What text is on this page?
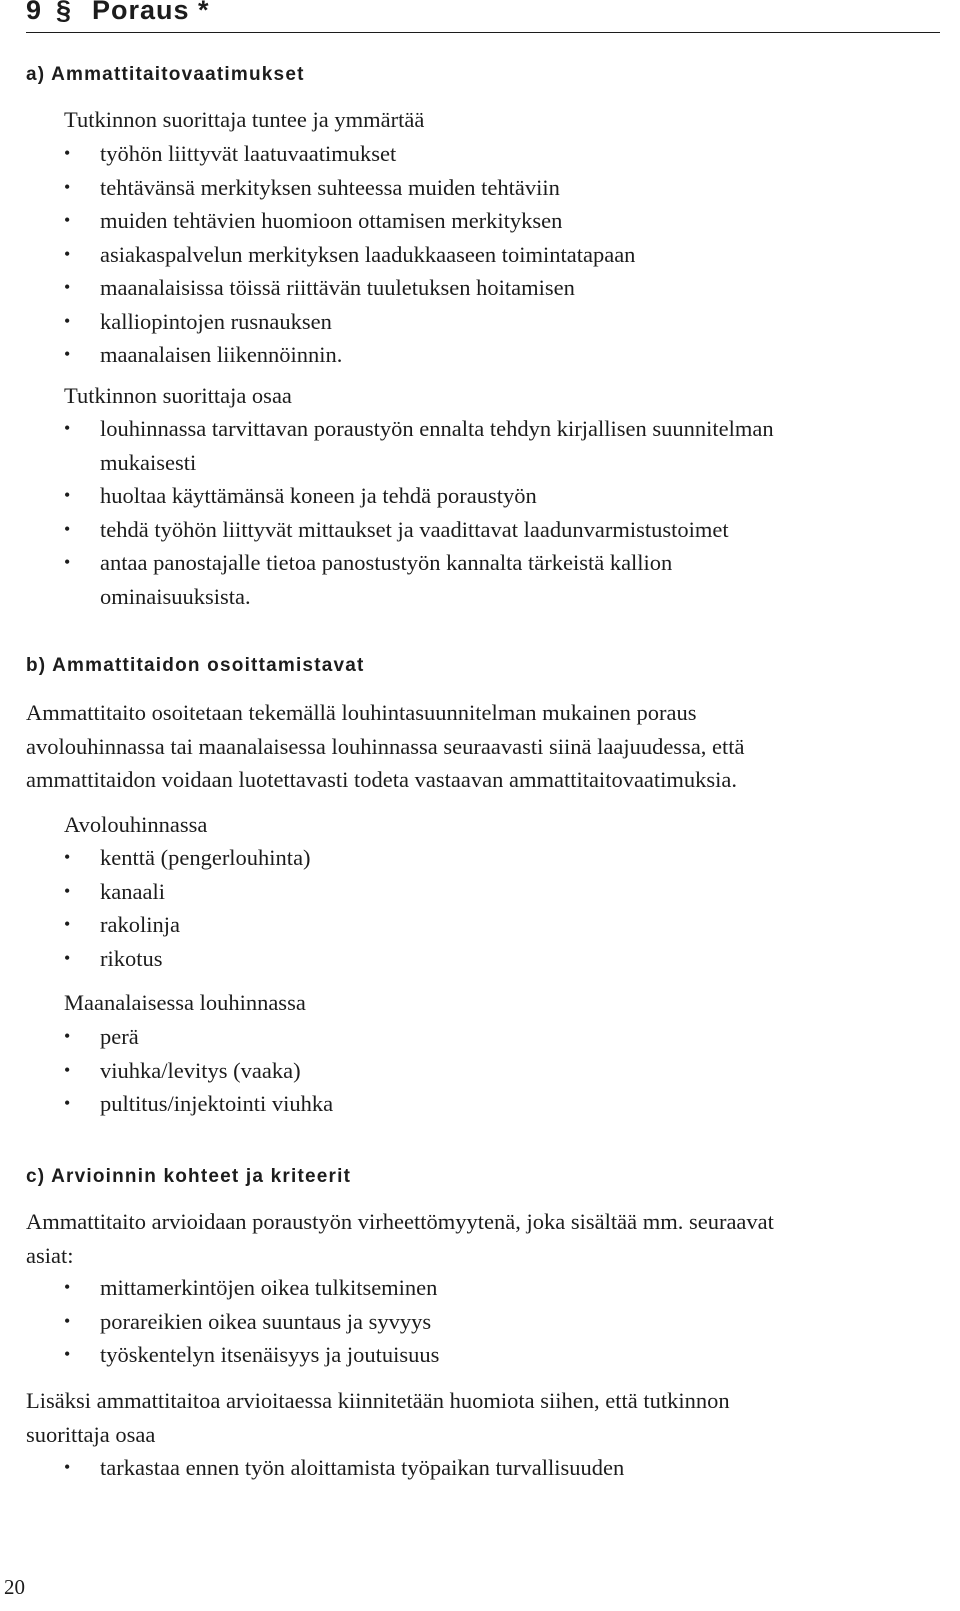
9 § Poraus *
a) Ammattitaitovaatimukset
Tutkinnon suorittaja tuntee ja ymmärtää
• työhön liittyvät laatuvaatimukset
• tehtävänsä merkityksen suhteessa muiden tehtäviin
• muiden tehtävien huomioon ottamisen merkityksen
• asiakaspalvelun merkityksen laadukkaaseen toimintatapaan
• maanalaisissa töissä riittävän tuuletuksen hoitamisen
• kalliopintojen rusnauksen
• maanalaisen liikennöinnin.
Tutkinnon suorittaja osaa
• louhinnassa tarvittavan poraustyön ennalta tehdyn kirjallisen suunnitelman
mukaisesti
• huoltaa käyttämänsä koneen ja tehdä poraustyön
• tehdä työhön liittyvät mittaukset ja vaadittavat laadunvarmistustoimet
• antaa panostajalle tietoa panostustyön kannalta tärkeistä kallion
ominaisuuksista.
b) Ammattitaidon osoittamistavat
Ammattitaito osoitetaan tekemällä louhintasuunnitelman mukainen poraus
avolouhinnassa tai maanalaisessa louhinnassa seuraavasti siinä laajuudessa, että
ammattitaidon voidaan luotettavasti todeta vastaavan ammattitaitovaatimuksia.
Avolouhinnassa
• kenttä (pengerlouhinta)
• kanaali
• rakolinja
• rikotus
Maanalaisessa louhinnassa
• perä
• viuhka/levitys (vaaka)
• pultitus/injektointi viuhka
c) Arvioinnin kohteet ja kriteerit
Ammattitaito arvioidaan poraustyön virheettömyytenä, joka sisältää mm. seuraavat
asiat:
• mittamerkintöjen oikea tulkitseminen
• porareikien oikea suuntaus ja syvyys
• työskentelyn itsenäisyys ja joutuisuus
Lisäksi ammattitaitoa arvioitaessa kiinnitetään huomiota siihen, että tutkinnon
suorittaja osaa
• tarkastaa ennen työn aloittamista työpaikan turvallisuuden
20
